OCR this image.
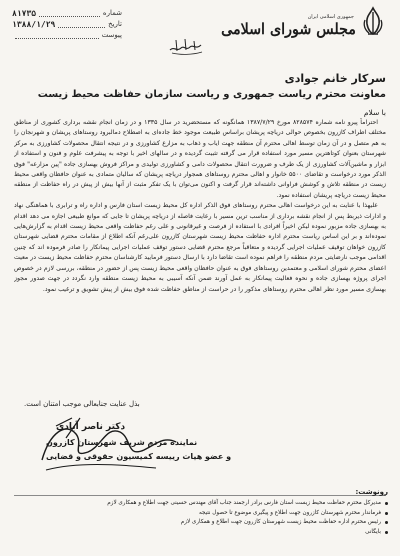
شماره
۸۱۷۳۵
تاریخ
۱۳۸۸/۱/۲۹
پیوست
جمهوری اسلامی ایران
مجلس شورای اسلامی
سرکار خانم جوادی
معاونت محترم ریاست جمهوری و ریاست سازمان حفاظت محیط زیست
با سلام

احتراماً پیرو نامه شماره ۸۲۸۵۷۴ مورخ ۱۳۸۷/۷/۲۹ همانگونه که مستحضرید در سال ۱۳۳۵ و در زمان انجام نقشه برداری کشوری از مناطق مختلف اطراف کازرون بخصوص حوالی دریاچه پریشان براساس طبیعت موجود خط جاده‌ای به اصطلاح دمالبرود روستاهای پریشان و شهرنجان را به هم متصل و در آن زمان توسط اهالی محترم آن منطقه جهت ایاب و ذهاب به مزارع کشاورزی و در نتیجه انتقال محصولات کشاورزی به مرکز شهرستان بعنوان کوتاهترین مسیر مورد استفاده قرار می گرفته تثبیت گردیده و در سالهای اخیر با توجه به پیشرفت علوم و فنون و استفاده از ابزار و ماشین‌آلات کشاورزی از یک طرف و ضرورت انتقال محصولات دامی و کشاورزی تولیدی و مراکز فروش بهسازی جاده "پین مزارعه" فوق الذکر مورد درخواست و تقاضای ۵۵۰۰ خانوار و اهالی محترم روستاهای همجوار دریاچه پریشان که سالیان متمادی به عنوان حافظان واقعی محیط زیست در منطقه تلاش و کوشش فراوانی داشته‌اند قرار گرفت و اکنون می‌توان با یک تفکر مثبت از آنها بیش از پیش در راه حفاظت از منطقه محیط زیست دریاچه پریشان استفاده نمود.

علیهذا با عنایت به این درخواست اهالی محترم روستاهای فوق الذکر اداره کل محیط زیست استان فارس و اداره راه و ترابری با هماهنگی نهاد و ادارات ذیربط پس از انجام نقشه برداری از مناسب ترین مسیر با رعایت فاصله از دریاچه پریشان تا جایی که موانع طبیعی اجازه می دهد اقدام به بهسازی جاده مزبور نموده لیکن اخیراً افرادی با استفاده از فرصت و غیرقانونی و علی رغم حفاظت واقعی محیط زیست اقدام به گزارش‌هایی نموده‌اند و بر این اساس ریاست محترم اداره حفاظت محیط زیست شهرستان کازرون علی‌رغم آنکه اطلاع از مقامات محترم قضایی شهرستان کازرون خواهان توقیف عملیات اجرایی گردیده و متعاقباً مرجع محترم قضایی دستور توقف عملیات اجرایی پیمانکار را صادر فرموده اند که چنین اقدامی موجب نارضایتی مردم منطقه را فراهم نموده است تقاضا دارد با ارسال دستور فرمایید کارشناسان محترم حفاظت محیط زیست در معیت اعضای محترم شورای اسلامی و معتمدین روستاهای فوق به عنوان حافظان واقعی محیط زیست پس از حضور در منطقه، بررسی لازم در خصوص اجرای پروژه بهسازی جاده و نحوه فعالیت پیمانکار به عمل آورند ضمن آنکه آسیبی به محیط زیست منطقه وارد نگردد در جهت صدور مجوز بهسازی مسیر مورد نظر اهالی محترم روستاهای مذکور را در حراست از مناطق حفاظت شده فوق بیش از پیش تشویق و ترغیب نمود.

بذل عنایت جنابعالی موجب امتنان است.
دکتر ناصر آبادی
نماینده مردم شریف شهرستان کازرون
و عضو هیات رییسه کمیسیون حقوقی و قضایی
رونوشت:
مدیرکل محترم حفاظت محیط زیست استان فارس برادر ارجمند جناب آقای مهندس حسینی جهت اطلاع و همکاری لازم
فرماندار محترم شهرستان کازرون جهت اطلاع و پیگیری موضوع تا حصول نتیجه
رئیس محترم اداره حفاظت محیط زیست شهرستان کازرون جهت اطلاع و همکاری لازم
بایگانی
